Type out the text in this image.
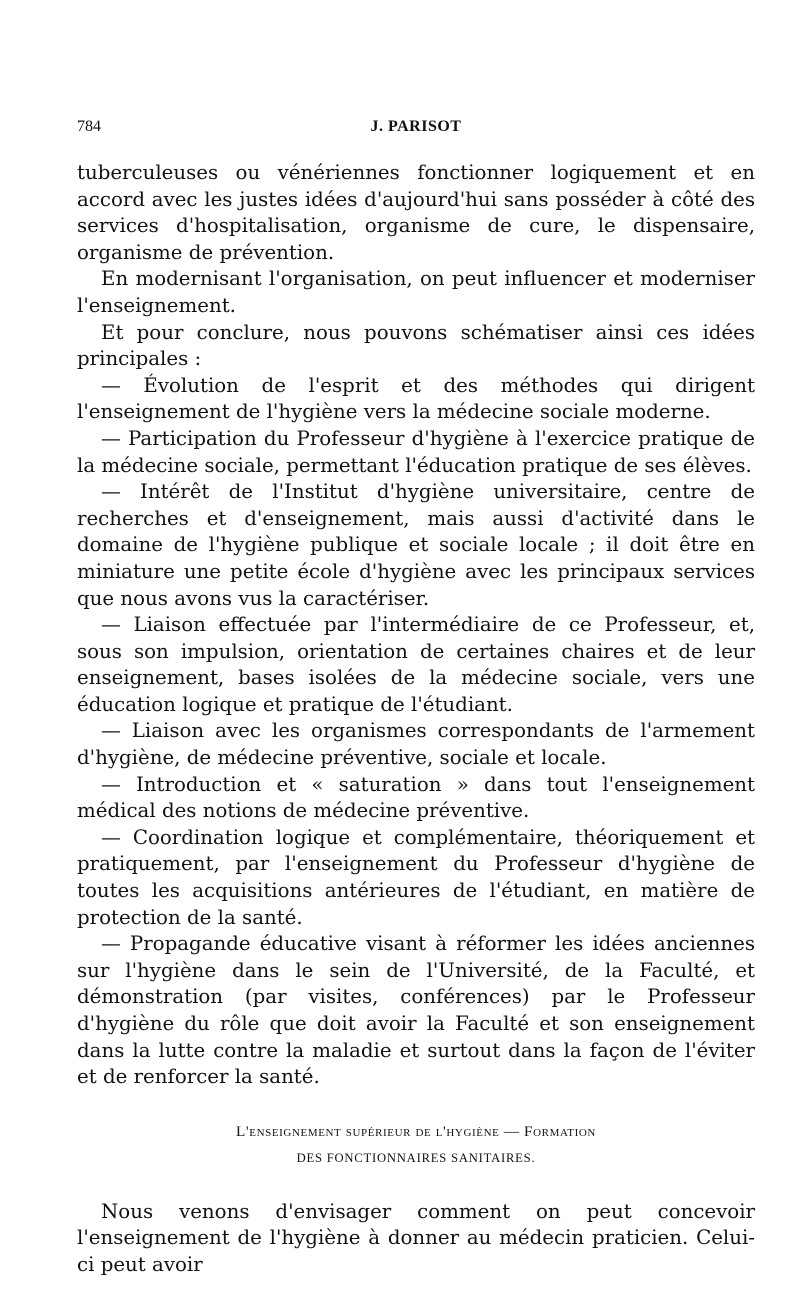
784	J. PARISOT

tuberculeuses ou vénériennes fonctionner logiquement et en accord avec les justes idées d'aujourd'hui sans posséder à côté des services d'hospitalisation, organisme de cure, le dispensaire, organisme de prévention.

En modernisant l'organisation, on peut influencer et moderniser l'enseignement.

Et pour conclure, nous pouvons schématiser ainsi ces idées principales :

— Évolution de l'esprit et des méthodes qui dirigent l'enseignement de l'hygiène vers la médecine sociale moderne.

— Participation du Professeur d'hygiène à l'exercice pratique de la médecine sociale, permettant l'éducation pratique de ses élèves.

— Intérêt de l'Institut d'hygiène universitaire, centre de recherches et d'enseignement, mais aussi d'activité dans le domaine de l'hygiène publique et sociale locale ; il doit être en miniature une petite école d'hygiène avec les principaux services que nous avons vus la caractériser.

— Liaison effectuée par l'intermédiaire de ce Professeur, et, sous son impulsion, orientation de certaines chaires et de leur enseignement, bases isolées de la médecine sociale, vers une éducation logique et pratique de l'étudiant.

— Liaison avec les organismes correspondants de l'armement d'hygiène, de médecine préventive, sociale et locale.

— Introduction et « saturation » dans tout l'enseignement médical des notions de médecine préventive.

— Coordination logique et complémentaire, théoriquement et pratiquement, par l'enseignement du Professeur d'hygiène de toutes les acquisitions antérieures de l'étudiant, en matière de protection de la santé.

— Propagande éducative visant à réformer les idées anciennes sur l'hygiène dans le sein de l'Université, de la Faculté, et démonstration (par visites, conférences) par le Professeur d'hygiène du rôle que doit avoir la Faculté et son enseignement dans la lutte contre la maladie et surtout dans la façon de l'éviter et de renforcer la santé.

L'enseignement supérieur de l'hygiène — Formation
DES FONCTIONNAIRES SANITAIRES.

Nous venons d'envisager comment on peut concevoir l'enseignement de l'hygiène à donner au médecin praticien. Celui-ci peut avoir
